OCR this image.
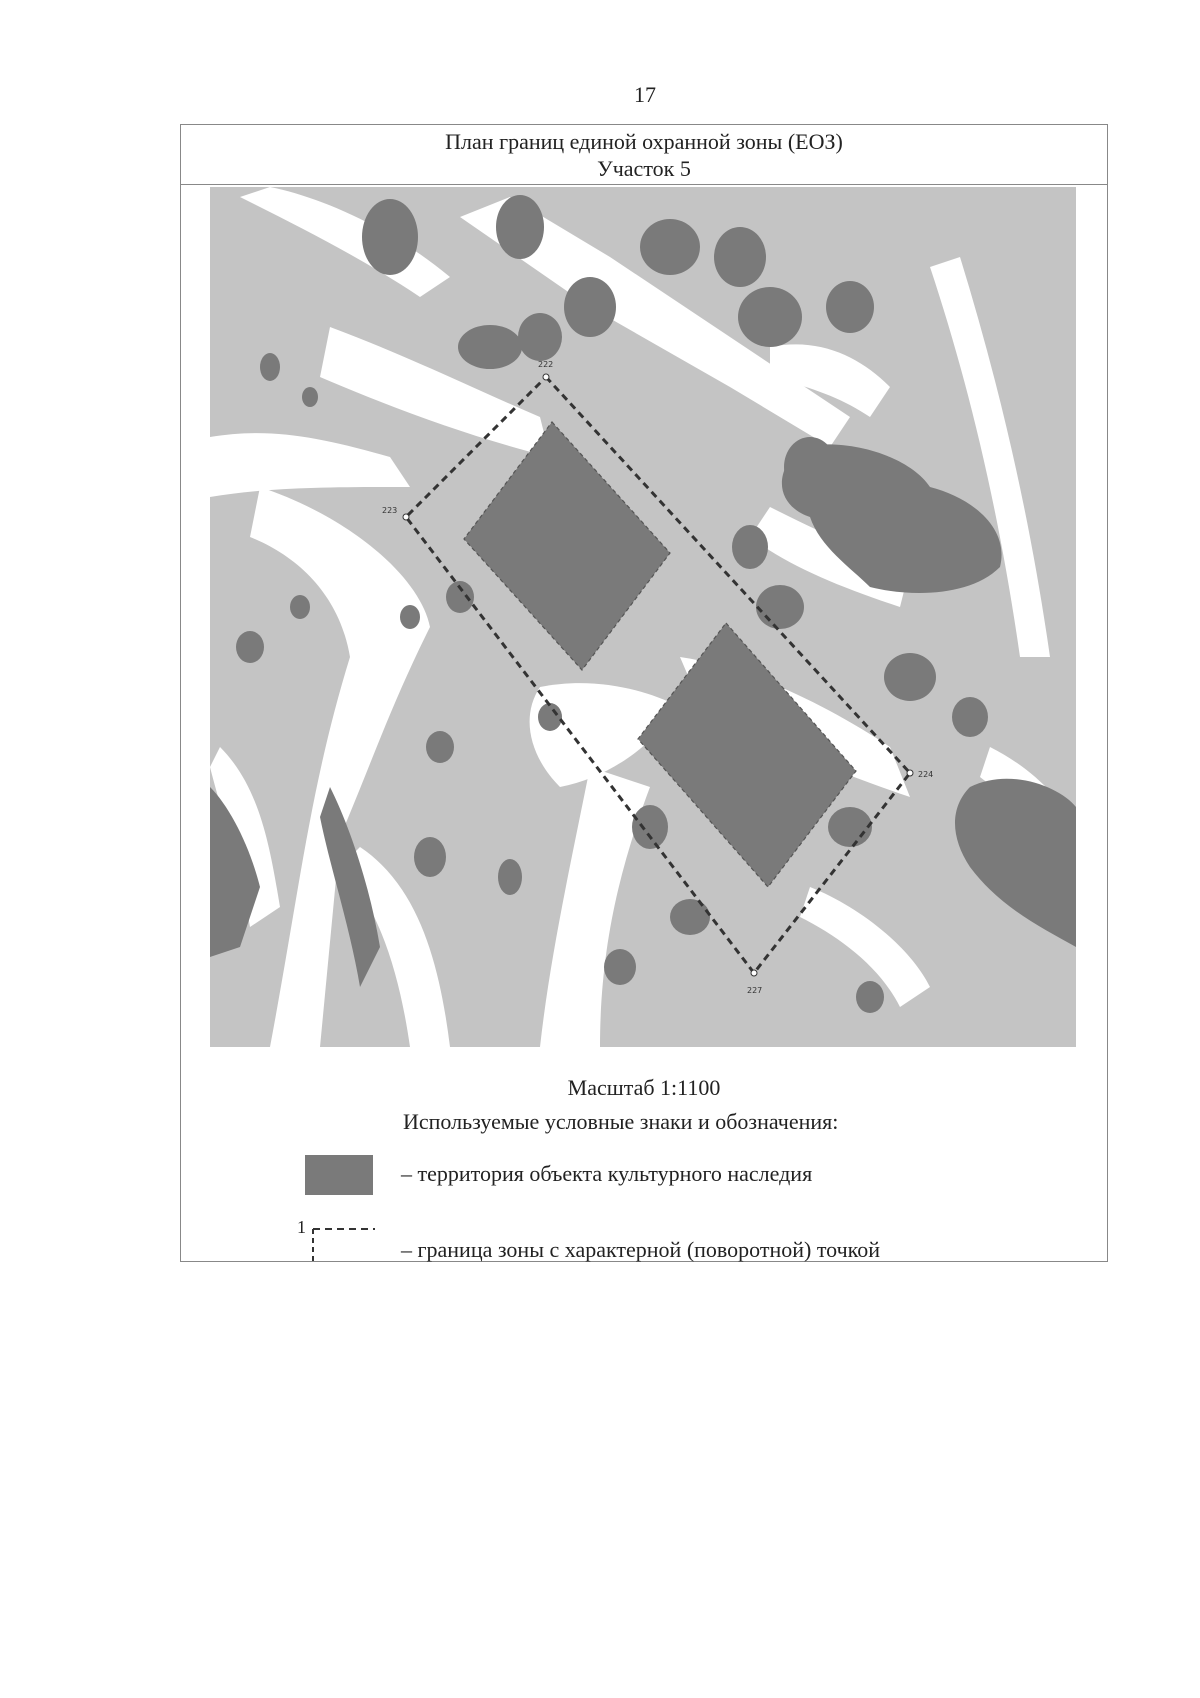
17
План границ единой охранной зоны (ЕОЗ)
Участок 5
222
223
224
227
Масштаб 1:1100
Используемые условные знаки и обозначения:
– территория объекта культурного наследия
1
– граница зоны с характерной (поворотной) точкой
